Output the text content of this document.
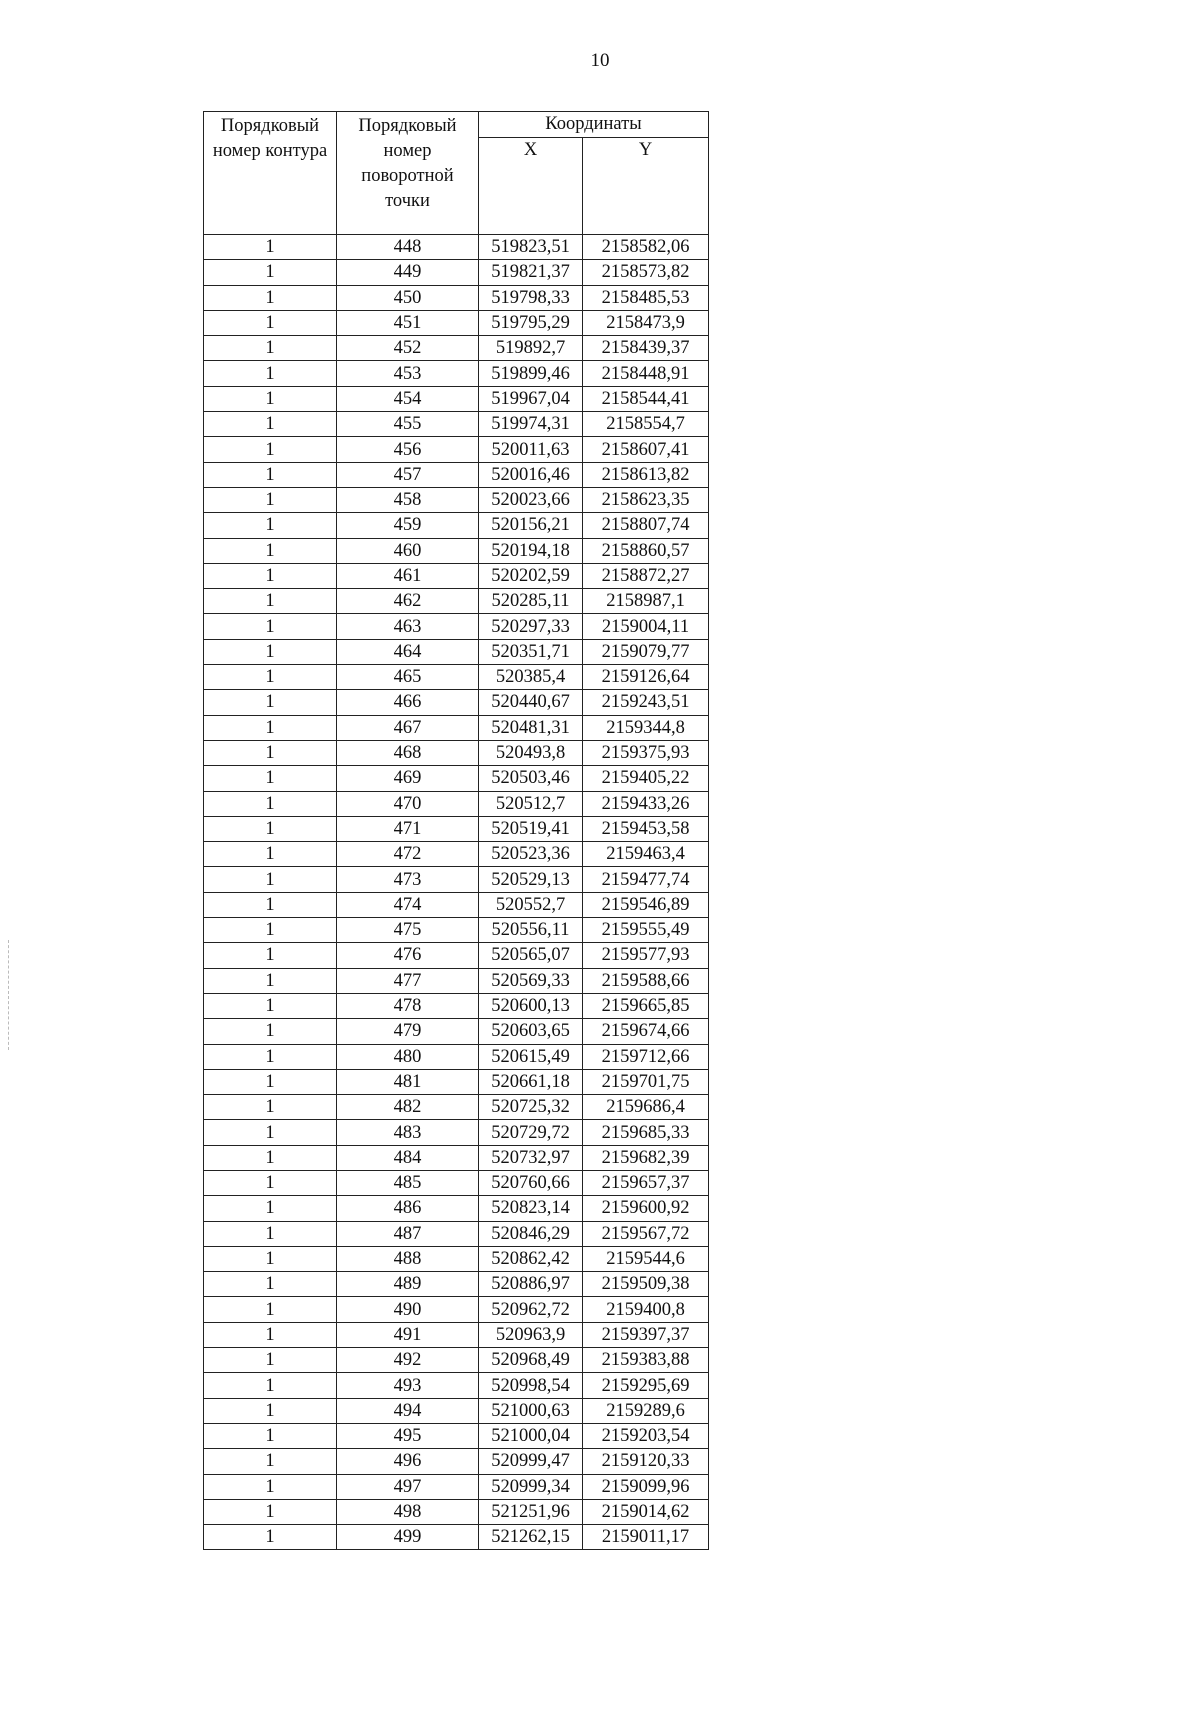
10
Порядковый номер контура	Порядковый номер поворотной точки	Координаты	
		X	Y
1	448	519823,51	2158582,06
1	449	519821,37	2158573,82
1	450	519798,33	2158485,53
1	451	519795,29	2158473,9
1	452	519892,7	2158439,37
1	453	519899,46	2158448,91
1	454	519967,04	2158544,41
1	455	519974,31	2158554,7
1	456	520011,63	2158607,41
1	457	520016,46	2158613,82
1	458	520023,66	2158623,35
1	459	520156,21	2158807,74
1	460	520194,18	2158860,57
1	461	520202,59	2158872,27
1	462	520285,11	2158987,1
1	463	520297,33	2159004,11
1	464	520351,71	2159079,77
1	465	520385,4	2159126,64
1	466	520440,67	2159243,51
1	467	520481,31	2159344,8
1	468	520493,8	2159375,93
1	469	520503,46	2159405,22
1	470	520512,7	2159433,26
1	471	520519,41	2159453,58
1	472	520523,36	2159463,4
1	473	520529,13	2159477,74
1	474	520552,7	2159546,89
1	475	520556,11	2159555,49
1	476	520565,07	2159577,93
1	477	520569,33	2159588,66
1	478	520600,13	2159665,85
1	479	520603,65	2159674,66
1	480	520615,49	2159712,66
1	481	520661,18	2159701,75
1	482	520725,32	2159686,4
1	483	520729,72	2159685,33
1	484	520732,97	2159682,39
1	485	520760,66	2159657,37
1	486	520823,14	2159600,92
1	487	520846,29	2159567,72
1	488	520862,42	2159544,6
1	489	520886,97	2159509,38
1	490	520962,72	2159400,8
1	491	520963,9	2159397,37
1	492	520968,49	2159383,88
1	493	520998,54	2159295,69
1	494	521000,63	2159289,6
1	495	521000,04	2159203,54
1	496	520999,47	2159120,33
1	497	520999,34	2159099,96
1	498	521251,96	2159014,62
1	499	521262,15	2159011,17
